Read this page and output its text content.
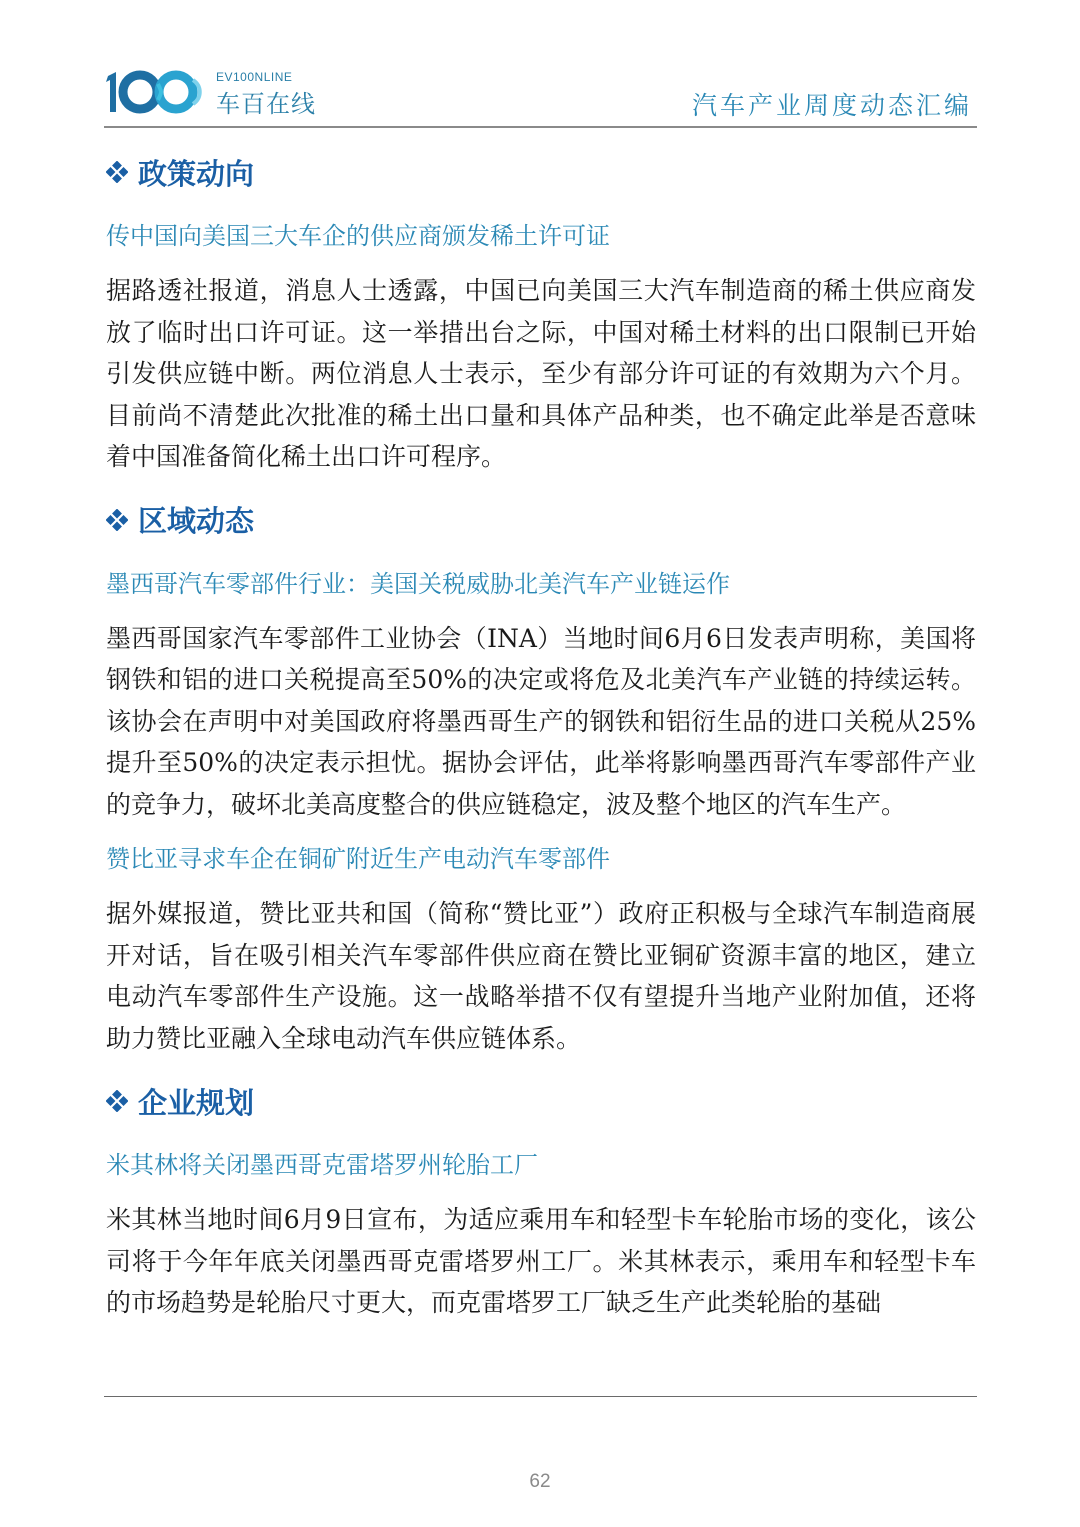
EV100NLINE
车百在线	汽车产业周度动态汇编
政策动向
传中国向美国三大车企的供应商颁发稀土许可证

据路透社报道，消息人士透露，中国已向美国三大汽车制造商的稀土供应商发放了临时出口许可证。这一举措出台之际，中国对稀土材料的出口限制已开始引发供应链中断。两位消息人士表示，至少有部分许可证的有效期为六个月。目前尚不清楚此次批准的稀土出口量和具体产品种类，也不确定此举是否意味着中国准备简化稀土出口许可程序。

区域动态
墨西哥汽车零部件行业：美国关税威胁北美汽车产业链运作

墨西哥国家汽车零部件工业协会（INA）当地时间6月6日发表声明称，美国将钢铁和铝的进口关税提高至50%的决定或将危及北美汽车产业链的持续运转。该协会在声明中对美国政府将墨西哥生产的钢铁和铝衍生品的进口关税从25%提升至50%的决定表示担忧。据协会评估，此举将影响墨西哥汽车零部件产业的竞争力，破坏北美高度整合的供应链稳定，波及整个地区的汽车生产。

赞比亚寻求车企在铜矿附近生产电动汽车零部件

据外媒报道，赞比亚共和国（简称“赞比亚”）政府正积极与全球汽车制造商展开对话，旨在吸引相关汽车零部件供应商在赞比亚铜矿资源丰富的地区，建立电动汽车零部件生产设施。这一战略举措不仅有望提升当地产业附加值，还将助力赞比亚融入全球电动汽车供应链体系。

企业规划
米其林将关闭墨西哥克雷塔罗州轮胎工厂

米其林当地时间6月9日宣布，为适应乘用车和轻型卡车轮胎市场的变化，该公司将于今年年底关闭墨西哥克雷塔罗州工厂。米其林表示，乘用车和轻型卡车的市场趋势是轮胎尺寸更大，而克雷塔罗工厂缺乏生产此类轮胎的基础

62
